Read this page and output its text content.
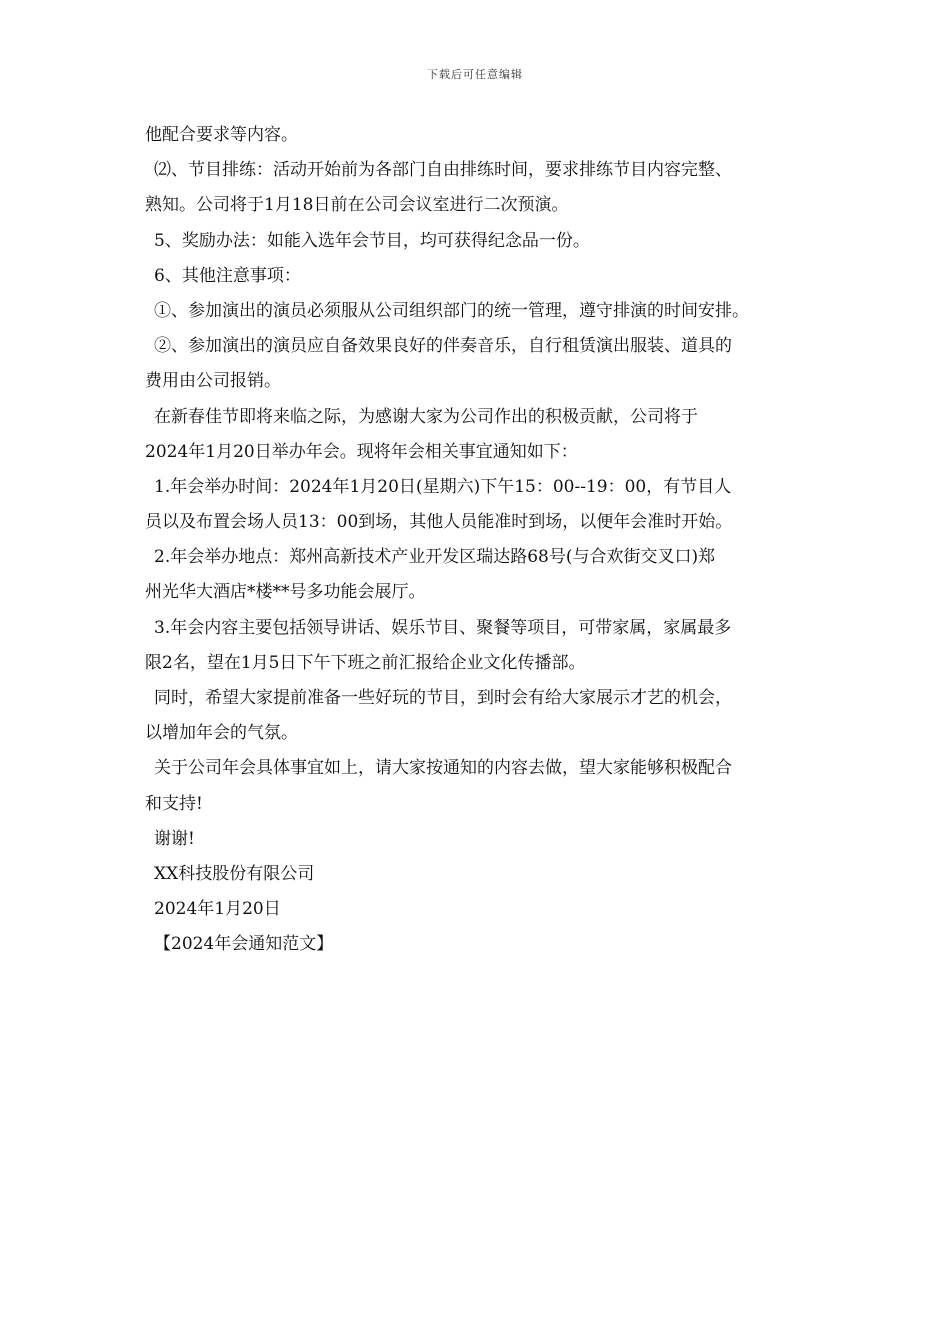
下载后可任意编辑
他配合要求等内容。
⑵、节目排练：活动开始前为各部门自由排练时间，要求排练节目内容完整、
熟知。公司将于1月18日前在公司会议室进行二次预演。
5、奖励办法：如能入选年会节目，均可获得纪念品一份。
6、其他注意事项：
①、参加演出的演员必须服从公司组织部门的统一管理，遵守排演的时间安排。
②、参加演出的演员应自备效果良好的伴奏音乐，自行租赁演出服装、道具的
费用由公司报销。
在新春佳节即将来临之际，为感谢大家为公司作出的积极贡献，公司将于
2024年1月20日举办年会。现将年会相关事宜通知如下：
1.年会举办时间：2024年1月20日(星期六)下午15：00--19：00，有节目人
员以及布置会场人员13：00到场，其他人员能准时到场，以便年会准时开始。
2.年会举办地点：郑州高新技术产业开发区瑞达路68号(与合欢街交叉口)郑
州光华大酒店*楼**号多功能会展厅。
3.年会内容主要包括领导讲话、娱乐节目、聚餐等项目，可带家属，家属最多
限2名，望在1月5日下午下班之前汇报给企业文化传播部。
同时，希望大家提前准备一些好玩的节目，到时会有给大家展示才艺的机会，
以增加年会的气氛。
关于公司年会具体事宜如上，请大家按通知的内容去做，望大家能够积极配合
和支持!
谢谢!
XX科技股份有限公司
2024年1月20日
【2024年会通知范文】
